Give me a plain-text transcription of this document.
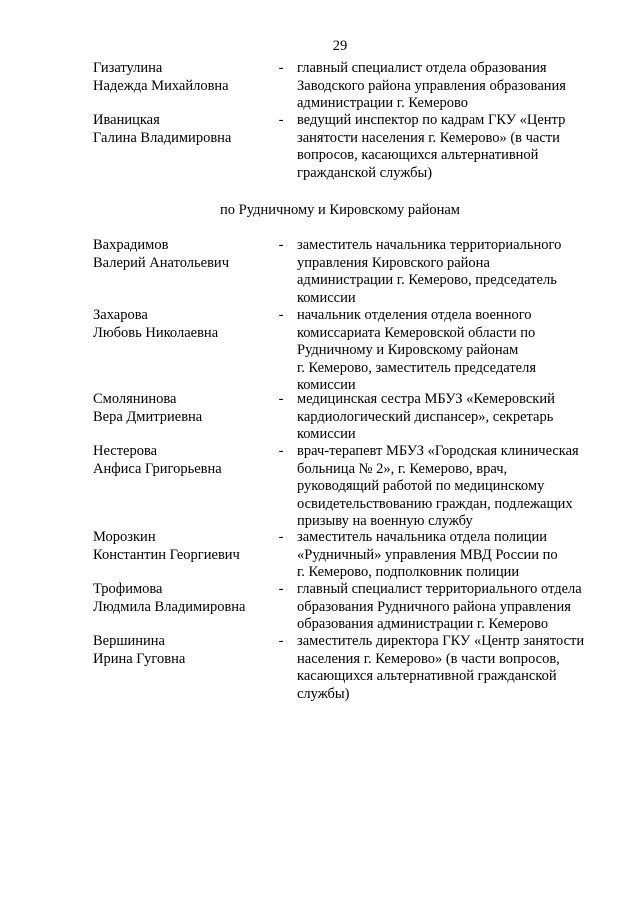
29
Гизатулина
Надежда Михайловна
- главный специалист отдела образования
Заводского района управления образования
администрации г. Кемерово
Иваницкая
Галина Владимировна
- ведущий инспектор по кадрам ГКУ «Центр
занятости населения г. Кемерово» (в части
вопросов, касающихся альтернативной
гражданской службы)
по Рудничному и Кировскому районам
Вахрадимов
Валерий Анатольевич
- заместитель начальника территориального
управления Кировского района
администрации г. Кемерово, председатель
комиссии
Захарова
Любовь Николаевна
- начальник отделения отдела военного
комиссариата Кемеровской области по
Рудничному и Кировскому районам
г. Кемерово, заместитель председателя
комиссии
Смолянинова
Вера Дмитриевна
- медицинская сестра МБУЗ «Кемеровский
кардиологический диспансер», секретарь
комиссии
Нестерова
Анфиса Григорьевна
- врач-терапевт МБУЗ «Городская клиническая
больница № 2», г. Кемерово, врач,
руководящий работой по медицинскому
освидетельствованию граждан, подлежащих
призыву на военную службу
Морозкин
Константин Георгиевич
- заместитель начальника отдела полиции
«Рудничный» управления МВД России по
г. Кемерово, подполковник полиции
Трофимова
Людмила Владимировна
- главный специалист территориального отдела
образования Рудничного района управления
образования администрации г. Кемерово
Вершинина
Ирина Гуговна
- заместитель директора ГКУ «Центр занятости
населения г. Кемерово» (в части вопросов,
касающихся альтернативной гражданской
службы)
